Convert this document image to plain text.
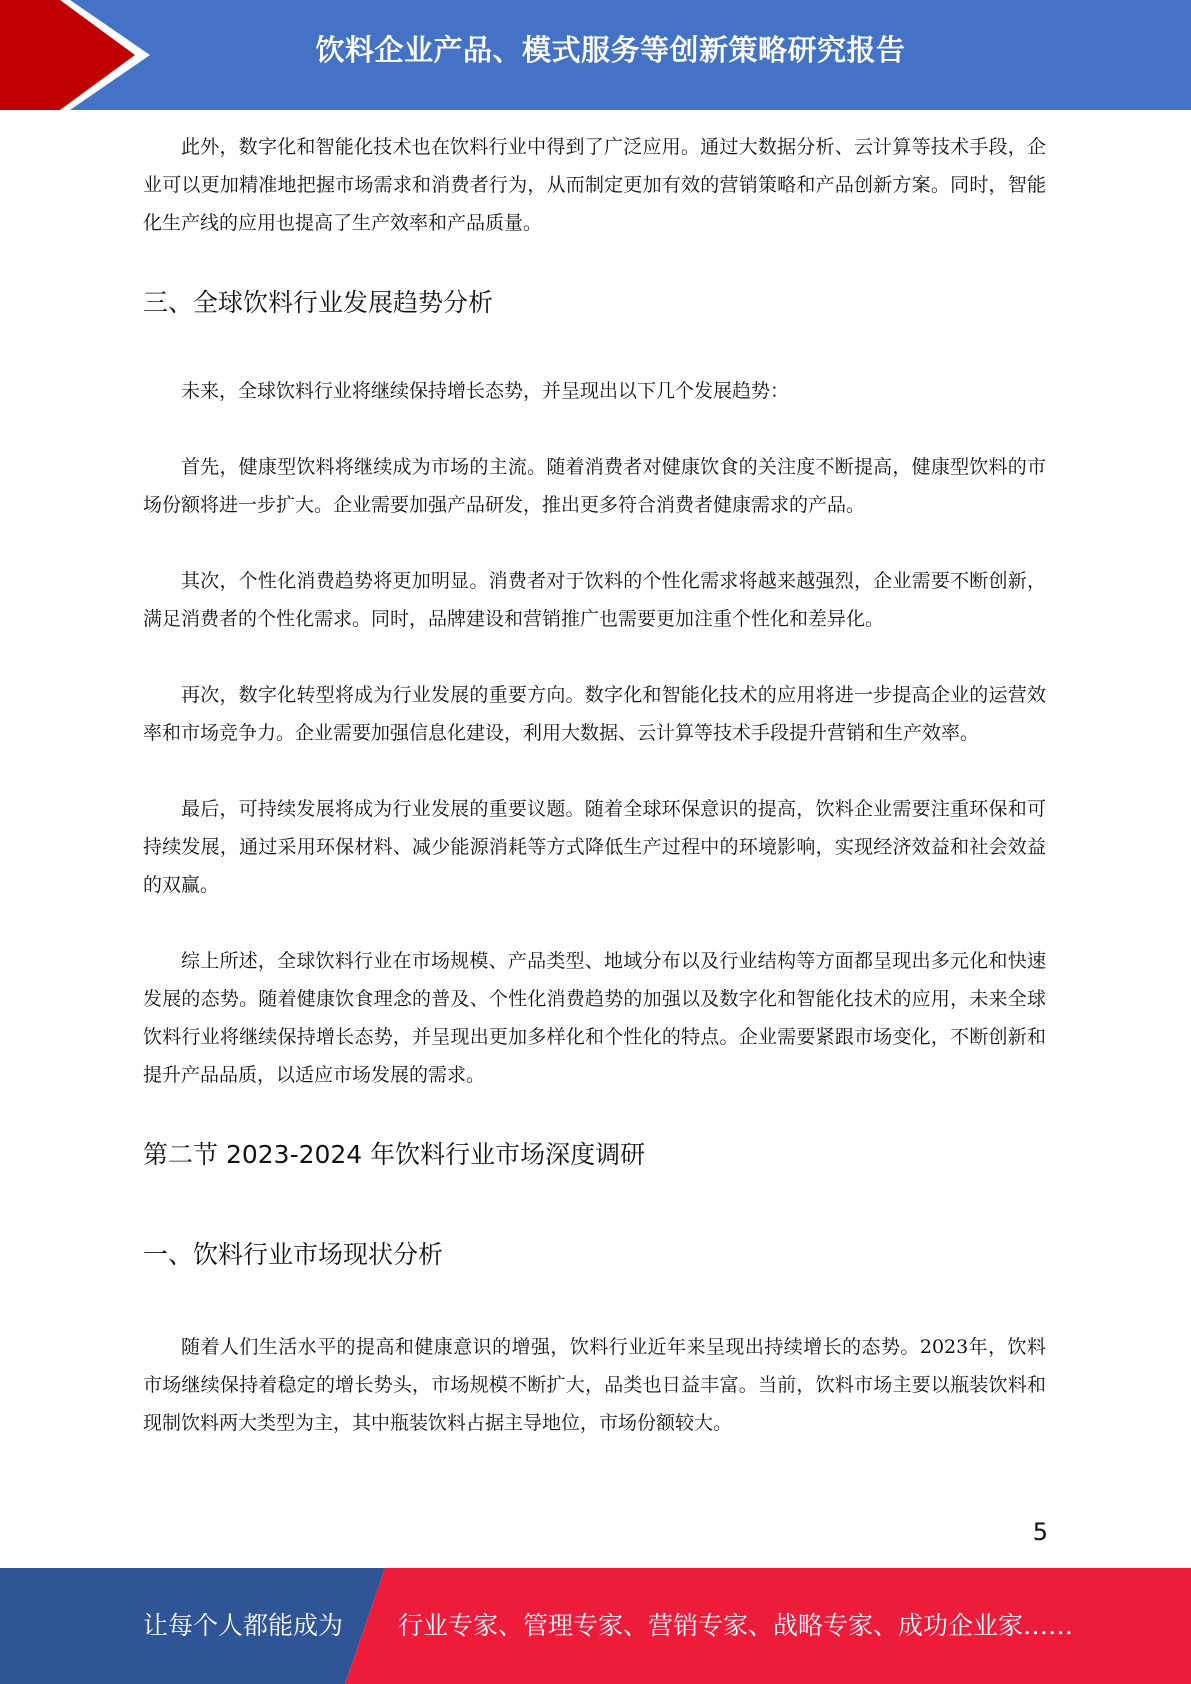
饮料企业产品、模式服务等创新策略研究报告

此外，数字化和智能化技术也在饮料行业中得到了广泛应用。通过大数据分析、云计算等技术手段，企业可以更加精准地把握市场需求和消费者行为，从而制定更加有效的营销策略和产品创新方案。同时，智能化生产线的应用也提高了生产效率和产品质量。

三、全球饮料行业发展趋势分析

未来，全球饮料行业将继续保持增长态势，并呈现出以下几个发展趋势：

首先，健康型饮料将继续成为市场的主流。随着消费者对健康饮食的关注度不断提高，健康型饮料的市场份额将进一步扩大。企业需要加强产品研发，推出更多符合消费者健康需求的产品。

其次，个性化消费趋势将更加明显。消费者对于饮料的个性化需求将越来越强烈，企业需要不断创新，满足消费者的个性化需求。同时，品牌建设和营销推广也需要更加注重个性化和差异化。

再次，数字化转型将成为行业发展的重要方向。数字化和智能化技术的应用将进一步提高企业的运营效率和市场竞争力。企业需要加强信息化建设，利用大数据、云计算等技术手段提升营销和生产效率。

最后，可持续发展将成为行业发展的重要议题。随着全球环保意识的提高，饮料企业需要注重环保和可持续发展，通过采用环保材料、减少能源消耗等方式降低生产过程中的环境影响，实现经济效益和社会效益的双赢。

综上所述，全球饮料行业在市场规模、产品类型、地域分布以及行业结构等方面都呈现出多元化和快速发展的态势。随着健康饮食理念的普及、个性化消费趋势的加强以及数字化和智能化技术的应用，未来全球饮料行业将继续保持增长态势，并呈现出更加多样化和个性化的特点。企业需要紧跟市场变化，不断创新和提升产品品质，以适应市场发展的需求。

第二节 2023-2024 年饮料行业市场深度调研
一、饮料行业市场现状分析

随着人们生活水平的提高和健康意识的增强，饮料行业近年来呈现出持续增长的态势。2023年，饮料市场继续保持着稳定的增长势头，市场规模不断扩大，品类也日益丰富。当前，饮料市场主要以瓶装饮料和现制饮料两大类型为主，其中瓶装饮料占据主导地位，市场份额较大。

5
让每个人都能成为 行业专家、管理专家、营销专家、战略专家、成功企业家……
